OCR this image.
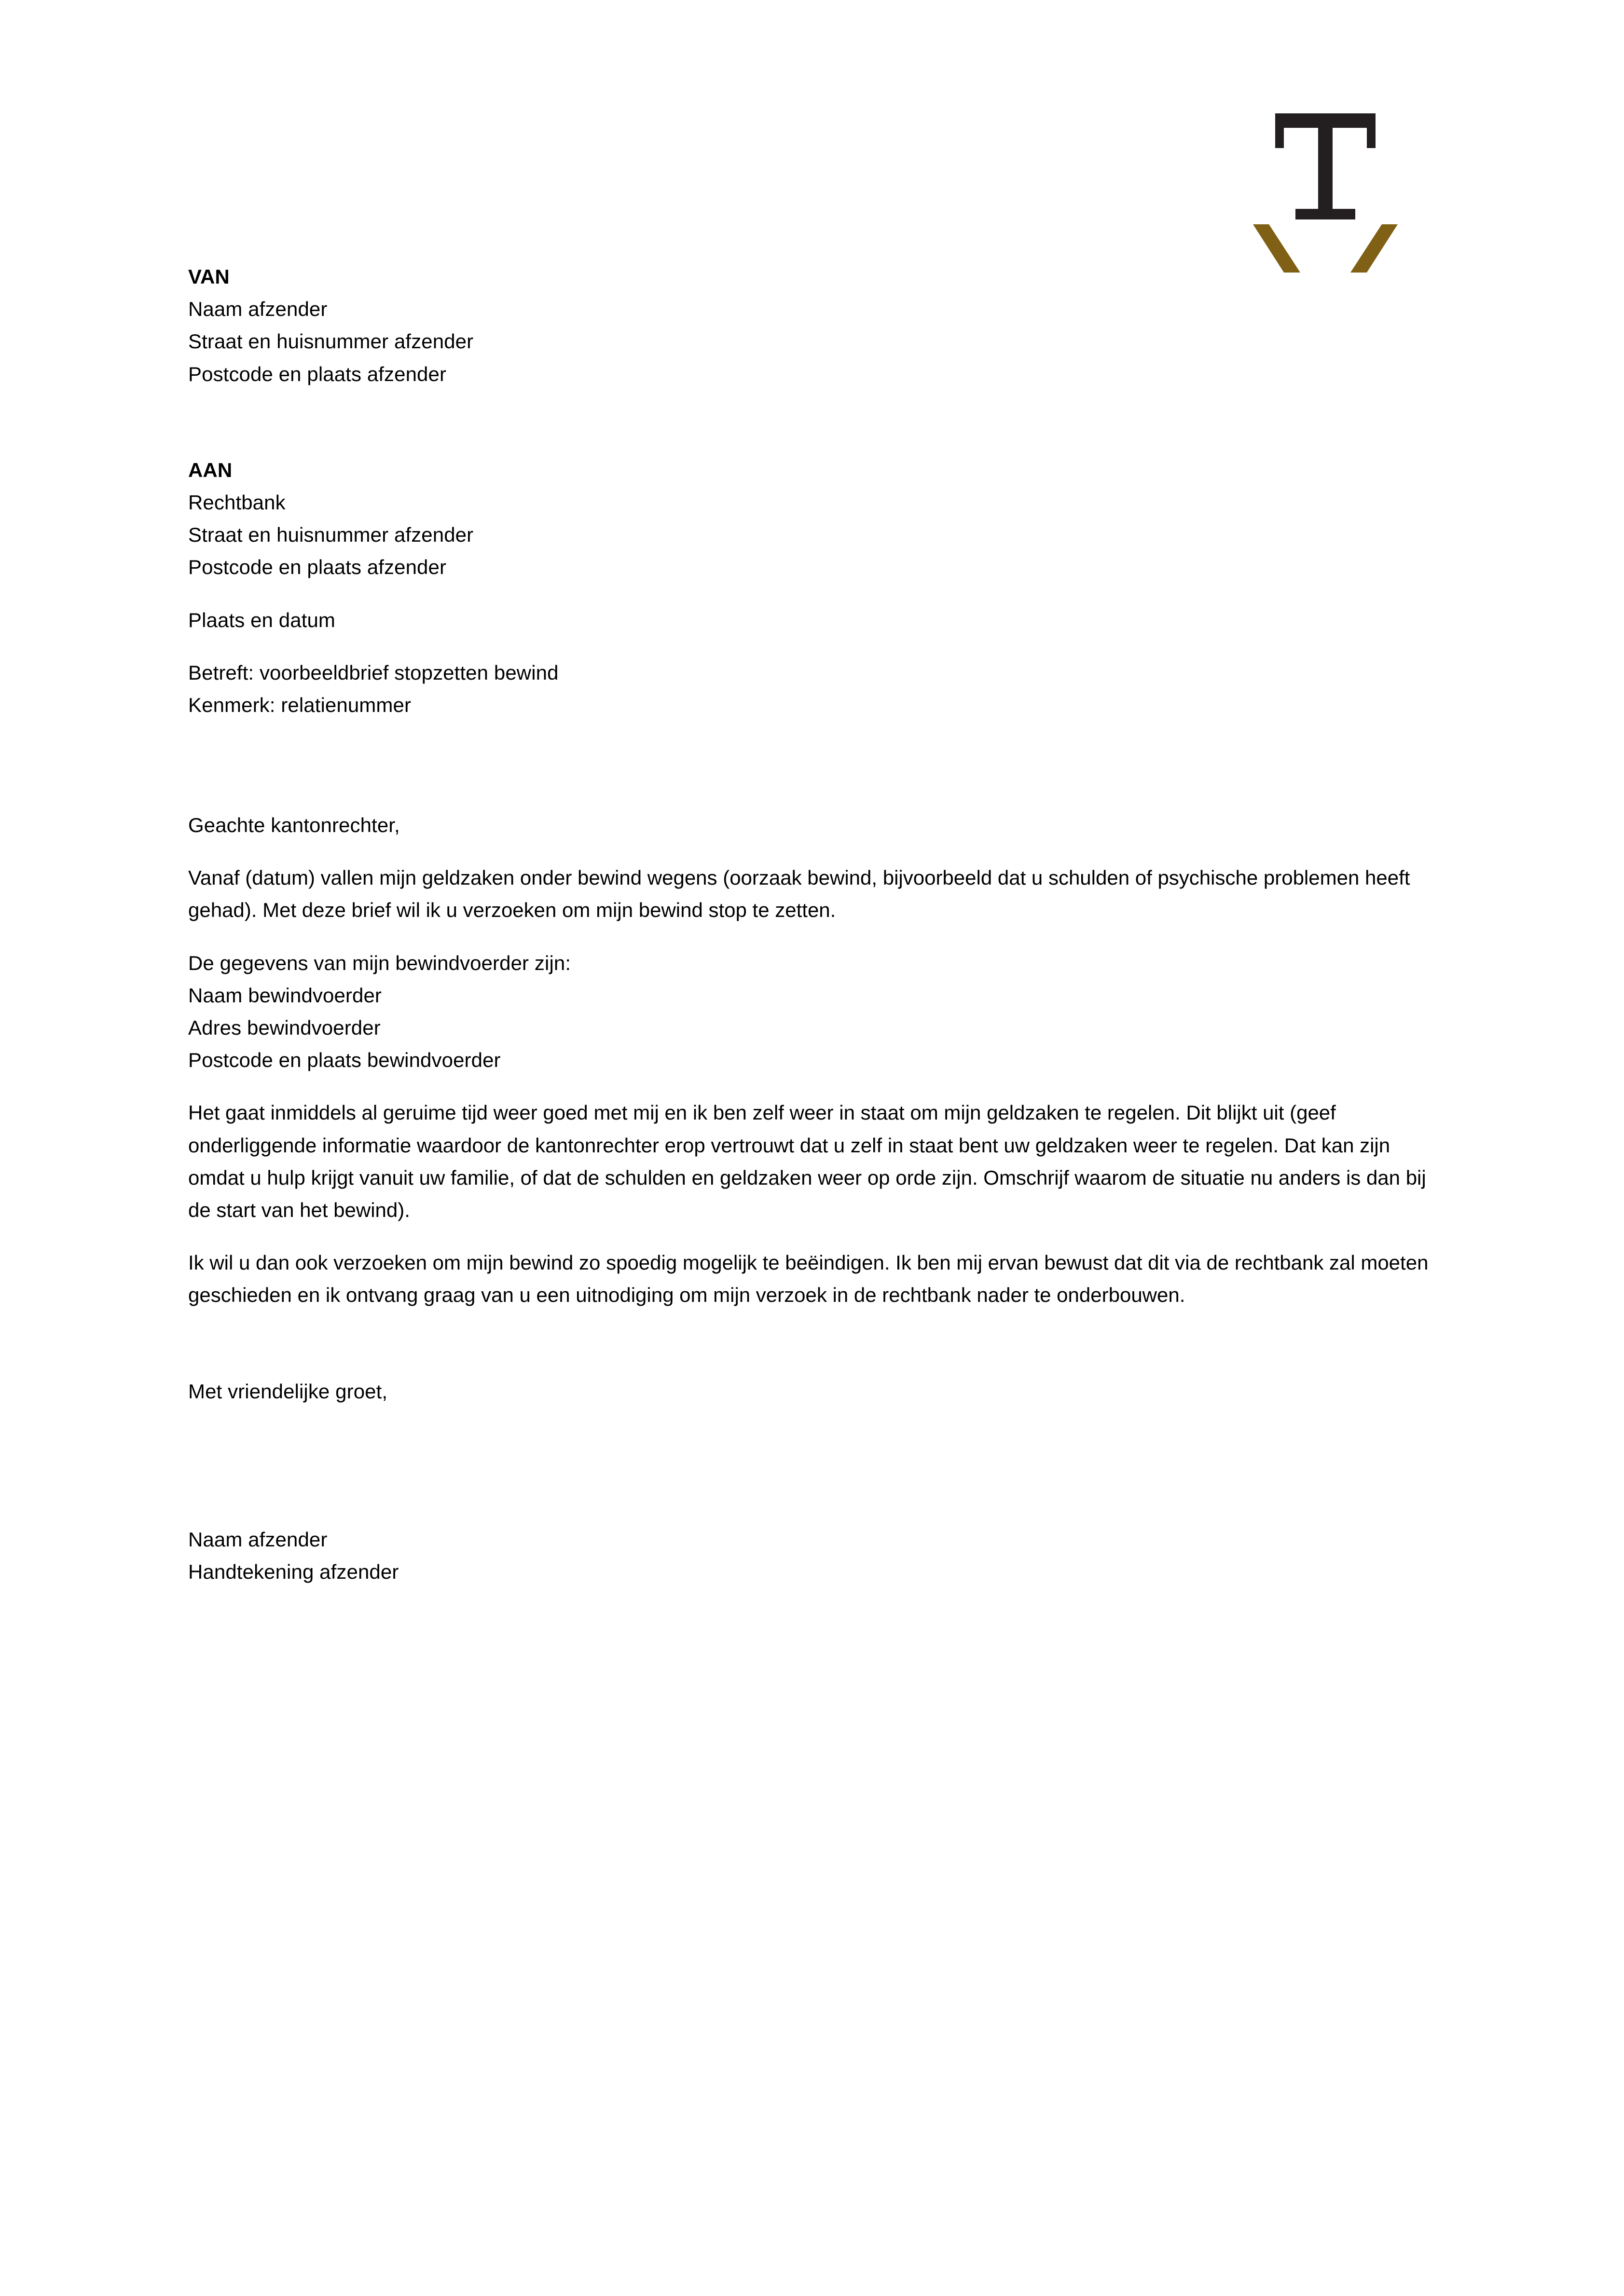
VAN
Naam afzender
Straat en huisnummer afzender
Postcode en plaats afzender
AAN
Rechtbank
Straat en huisnummer afzender
Postcode en plaats afzender
Plaats en datum
Betreft: voorbeeldbrief stopzetten bewind
Kenmerk: relatienummer
Geachte kantonrechter,
Vanaf (datum) vallen mijn geldzaken onder bewind wegens (oorzaak bewind, bijvoorbeeld dat u schulden of psychische problemen heeft gehad). Met deze brief wil ik u verzoeken om mijn bewind stop te zetten.
De gegevens van mijn bewindvoerder zijn:
Naam bewindvoerder
Adres bewindvoerder
Postcode en plaats bewindvoerder
Het gaat inmiddels al geruime tijd weer goed met mij en ik ben zelf weer in staat om mijn geldzaken te regelen. Dit blijkt uit (geef onderliggende informatie waardoor de kantonrechter erop vertrouwt dat u zelf in staat bent uw geldzaken weer te regelen. Dat kan zijn omdat u hulp krijgt vanuit uw familie, of dat de schulden en geldzaken weer op orde zijn. Omschrijf waarom de situatie nu anders is dan bij de start van het bewind).
Ik wil u dan ook verzoeken om mijn bewind zo spoedig mogelijk te beëindigen. Ik ben mij ervan bewust dat dit via de rechtbank zal moeten geschieden en ik ontvang graag van u een uitnodiging om mijn verzoek in de rechtbank nader te onderbouwen.
Met vriendelijke groet,
Naam afzender
Handtekening afzender
